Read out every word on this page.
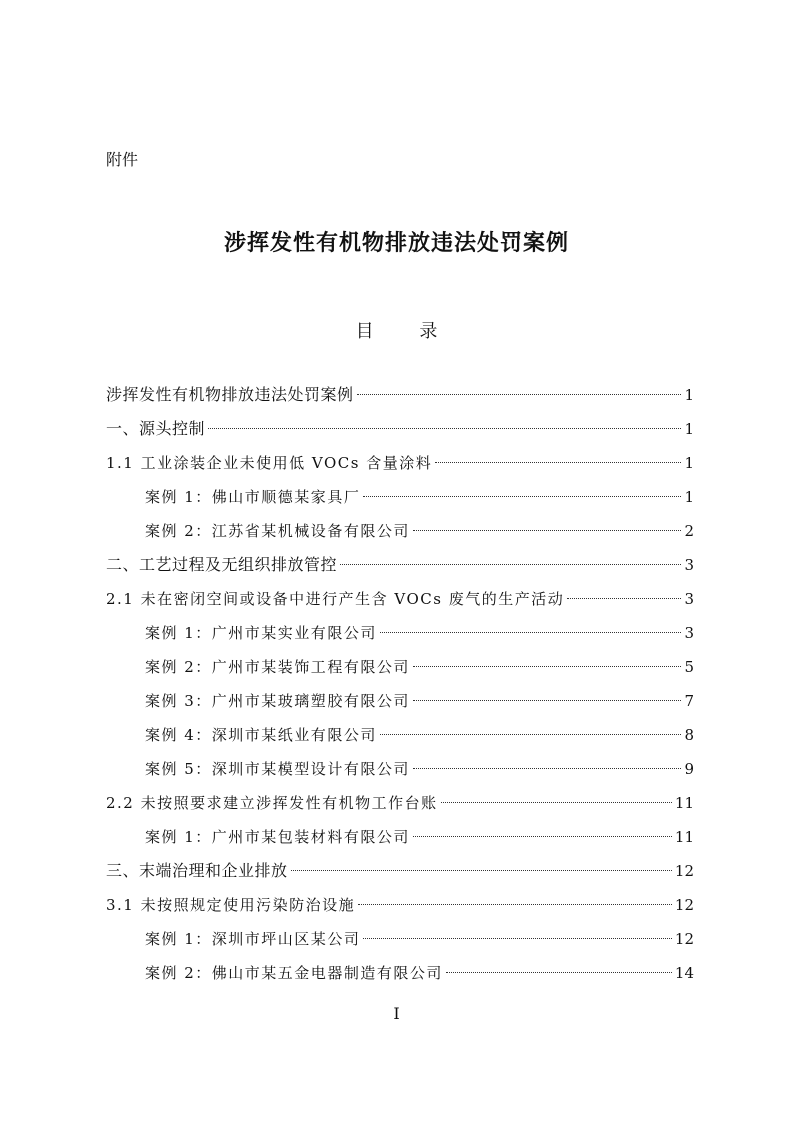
附件
涉挥发性有机物排放违法处罚案例
目 录
涉挥发性有机物排放违法处罚案例	1
一、源头控制	1
1.1 工业涂装企业未使用低 VOCs 含量涂料	1
案例 1：佛山市顺德某家具厂	1
案例 2：江苏省某机械设备有限公司	2
二、工艺过程及无组织排放管控	3
2.1 未在密闭空间或设备中进行产生含 VOCs 废气的生产活动	3
案例 1：广州市某实业有限公司	3
案例 2：广州市某装饰工程有限公司	5
案例 3：广州市某玻璃塑胶有限公司	7
案例 4：深圳市某纸业有限公司	8
案例 5：深圳市某模型设计有限公司	9
2.2 未按照要求建立涉挥发性有机物工作台账	11
案例 1：广州市某包装材料有限公司	11
三、末端治理和企业排放	12
3.1 未按照规定使用污染防治设施	12
案例 1：深圳市坪山区某公司	12
案例 2：佛山市某五金电器制造有限公司	14
I
